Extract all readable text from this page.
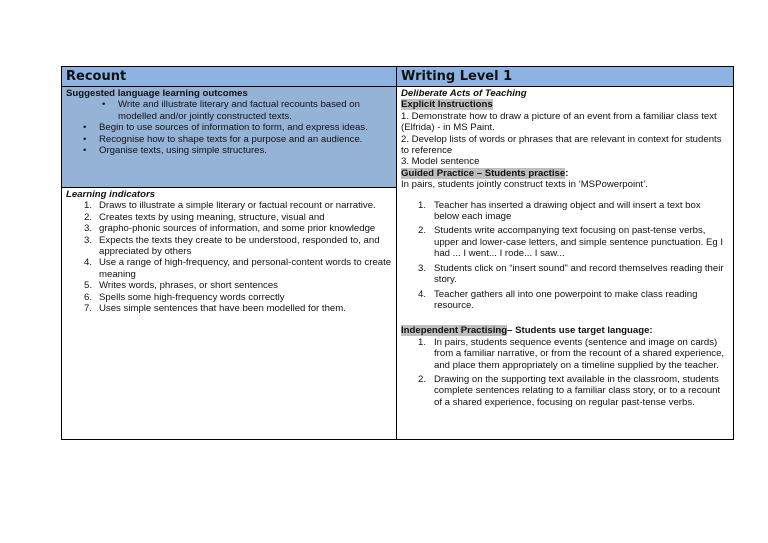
Recount
Suggested language learning outcomes
• Write and illustrate literary and factual recounts based on modelled and/or jointly constructed texts.
• Begin to use sources of information to form, and express ideas.
• Recognise how to shape texts for a purpose and an audience.
• Organise texts, using simple structures.
Learning indicators
1. Draws to illustrate a simple literary or factual recount or narrative.
2. Creates texts by using meaning, structure, visual and
3. grapho-phonic sources of information, and some prior knowledge
3. Expects the texts they create to be understood, responded to, and appreciated by others
4. Use a range of high-frequency, and personal-content words to create meaning
5. Writes words, phrases, or short sentences
6. Spells some high-frequency words correctly
7. Uses simple sentences that have been modelled for them.
Writing Level 1
Deliberate Acts of Teaching
Explicit Instructions
1. Demonstrate how to draw a picture of an event from a familiar class text (Elfrida) - in MS Paint.
2. Develop lists of words or phrases that are relevant in context for students to reference
3. Model sentence
Guided Practice – Students practise:
In pairs, students jointly construct texts in ‘MSPowerpoint’.
1. Teacher has inserted a drawing object and will insert a text box below each image
2. Students write accompanying text focusing on past-tense verbs, upper and lower-case letters, and simple sentence punctuation. Eg I had ... I went... I rode... I saw...
3. Students click on “insert sound” and record themselves reading their story.
4. Teacher gathers all into one powerpoint to make class reading resource.
Independent Practising– Students use target language:
1. In pairs, students sequence events (sentence and image on cards) from a familiar narrative, or from the recount of a shared experience, and place them appropriately on a timeline supplied by the teacher.
2. Drawing on the supporting text available in the classroom, students complete sentences relating to a familiar class story, or to a recount of a shared experience, focusing on regular past-tense verbs.
